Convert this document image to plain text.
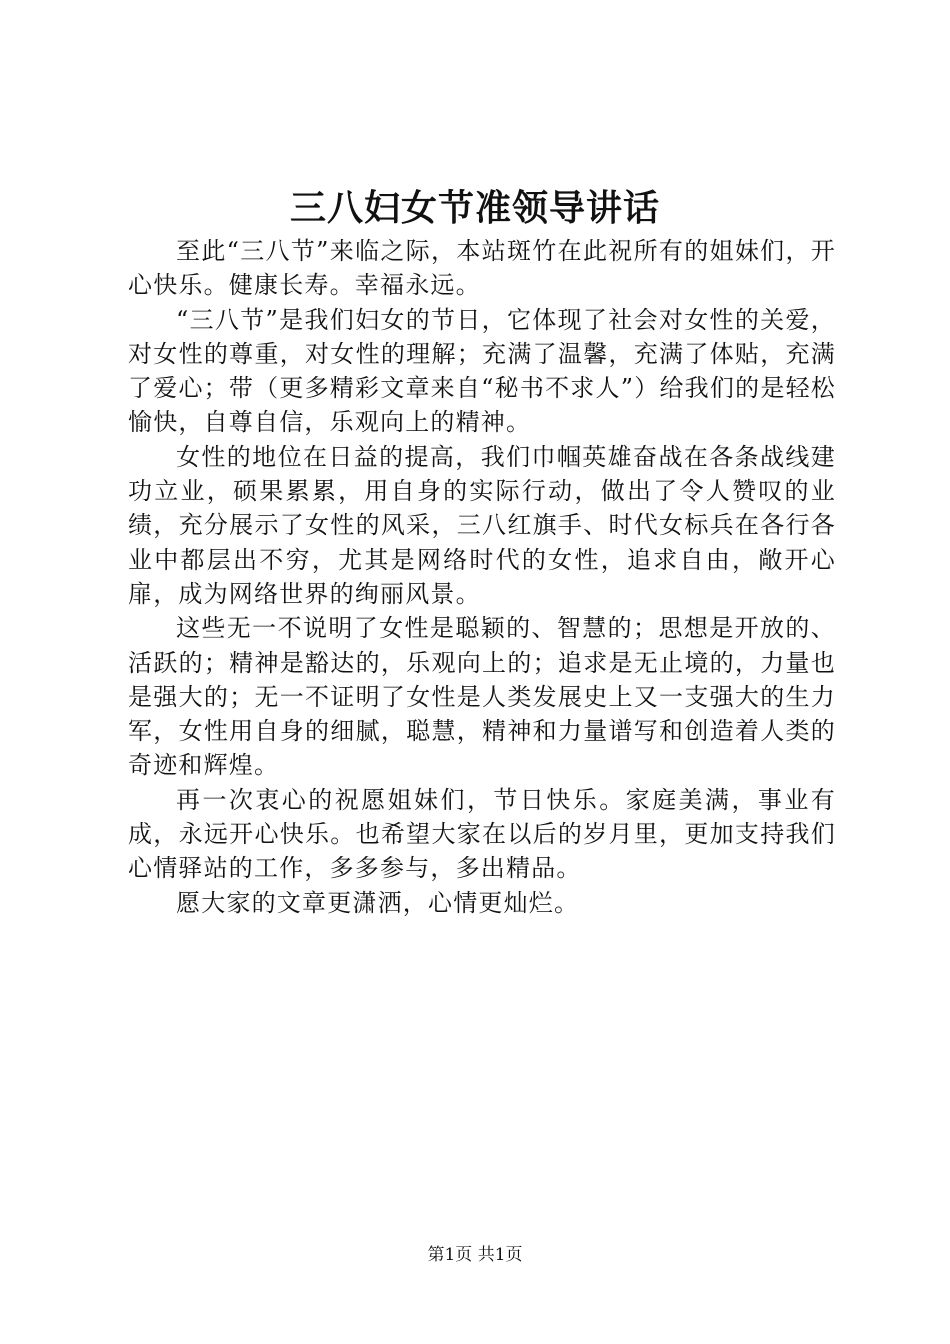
三八妇女节准领导讲话

至此“三八节”来临之际，本站斑竹在此祝所有的姐妹们，开心快乐。健康长寿。幸福永远。

“三八节”是我们妇女的节日，它体现了社会对女性的关爱，对女性的尊重，对女性的理解；充满了温馨，充满了体贴，充满了爱心；带（更多精彩文章来自“秘书不求人”）给我们的是轻松愉快，自尊自信，乐观向上的精神。

女性的地位在日益的提高，我们巾帼英雄奋战在各条战线建功立业，硕果累累，用自身的实际行动，做出了令人赞叹的业绩，充分展示了女性的风采，三八红旗手、时代女标兵在各行各业中都层出不穷，尤其是网络时代的女性，追求自由，敞开心扉，成为网络世界的绚丽风景。

这些无一不说明了女性是聪颖的、智慧的；思想是开放的、活跃的；精神是豁达的，乐观向上的；追求是无止境的，力量也是强大的；无一不证明了女性是人类发展史上又一支强大的生力军，女性用自身的细腻，聪慧，精神和力量谱写和创造着人类的奇迹和辉煌。

再一次衷心的祝愿姐妹们，节日快乐。家庭美满，事业有成，永远开心快乐。也希望大家在以后的岁月里，更加支持我们心情驿站的工作，多多参与，多出精品。

愿大家的文章更潇洒，心情更灿烂。

第1页 共1页
